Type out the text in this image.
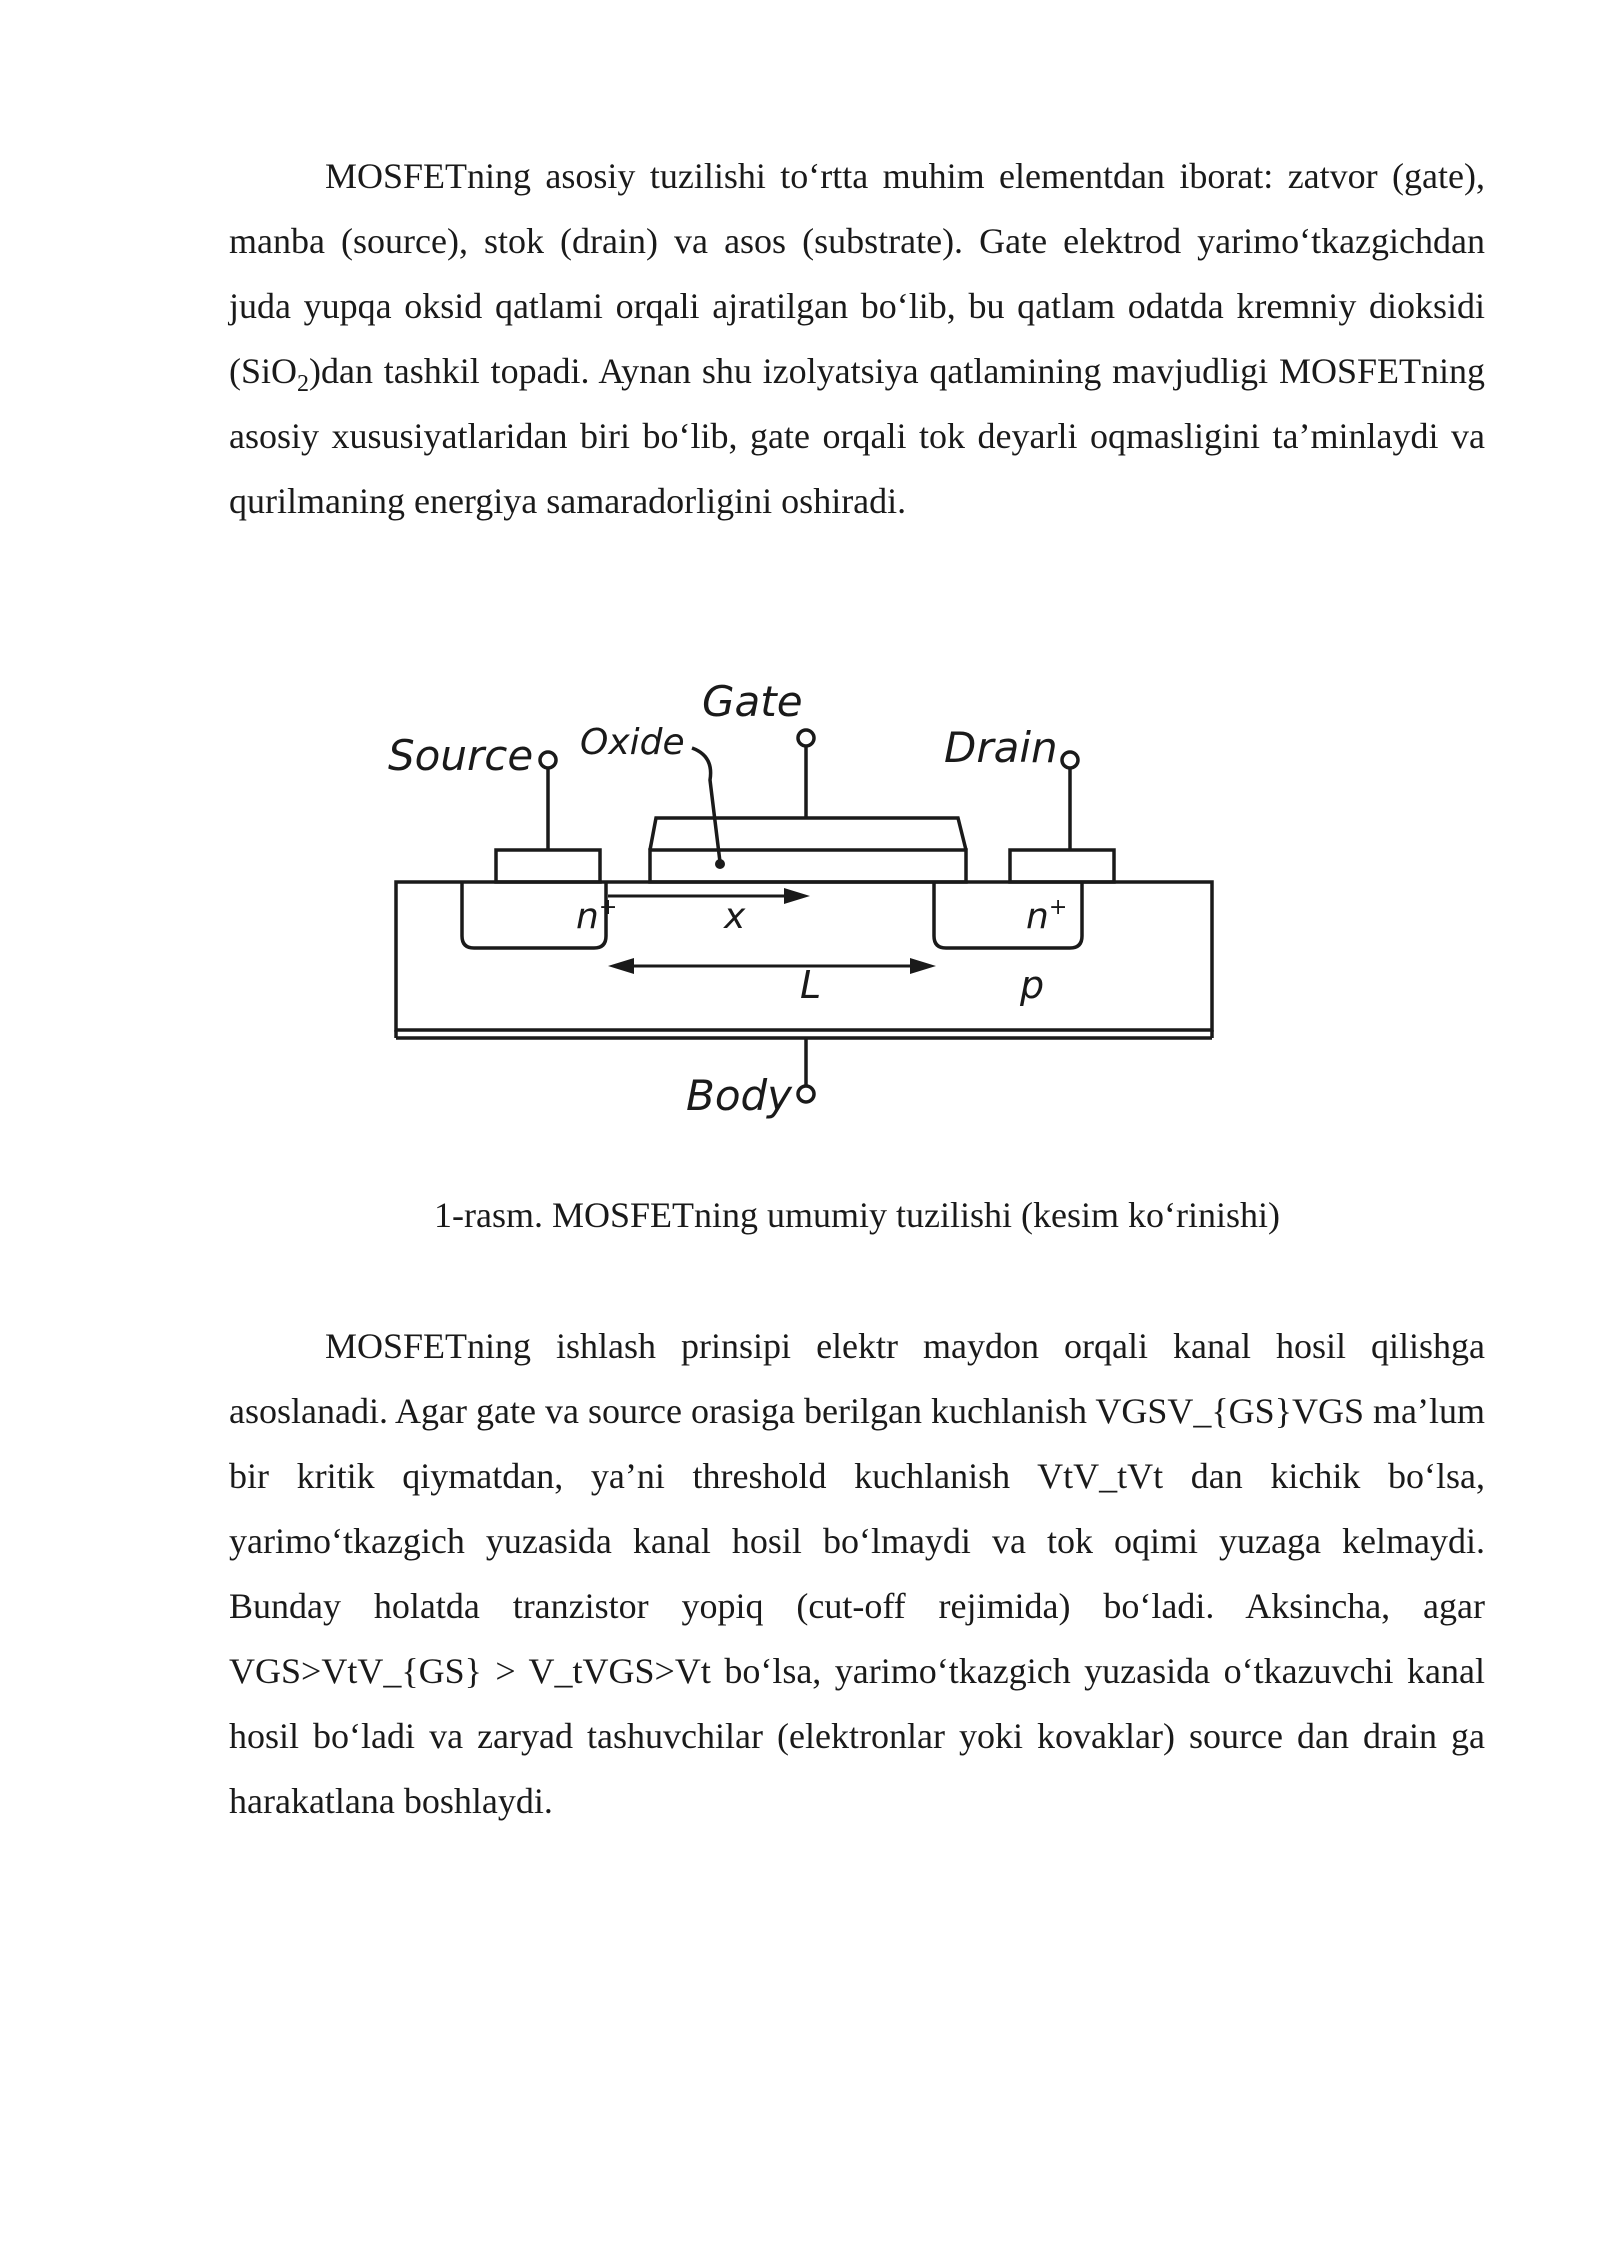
MOSFETning asosiy tuzilishi to‘rtta muhim elementdan iborat: zatvor (gate), manba (source), stok (drain) va asos (substrate). Gate elektrod yarimo‘tkazgichdan juda yupqa oksid qatlami orqali ajratilgan bo‘lib, bu qatlam odatda kremniy dioksidi (SiO$_2$)dan tashkil topadi. Aynan shu izolyatsiya qatlamining mavjudligi MOSFETning asosiy xususiyatlaridan biri bo‘lib, gate orqali tok deyarli oqmasligini ta’minlaydi va qurilmaning energiya samaradorligini oshiradi.

Gate
Source Oxide	Drain
n+	n+
x
L	p
Body
1-rasm. MOSFETning umumiy tuzilishi (kesim ko‘rinishi)

MOSFETning ishlash prinsipi elektr maydon orqali kanal hosil qilishga asoslanadi. Agar gate va source orasiga berilgan kuchlanish VGSV_{GS}VGS ma’lum bir kritik qiymatdan, ya’ni threshold kuchlanish VtV_tVt dan kichik bo‘lsa, yarimo‘tkazgich yuzasida kanal hosil bo‘lmaydi va tok oqimi yuzaga kelmaydi. Bunday holatda tranzistor yopiq (cut-off rejimida) bo‘ladi. Aksincha, agar VGS>VtV_{GS} > V_tVGS>Vt bo‘lsa, yarimo‘tkazgich yuzasida o‘tkazuvchi kanal hosil bo‘ladi va zaryad tashuvchilar (elektronlar yoki kovaklar) source dan drain ga harakatlana boshlaydi.
